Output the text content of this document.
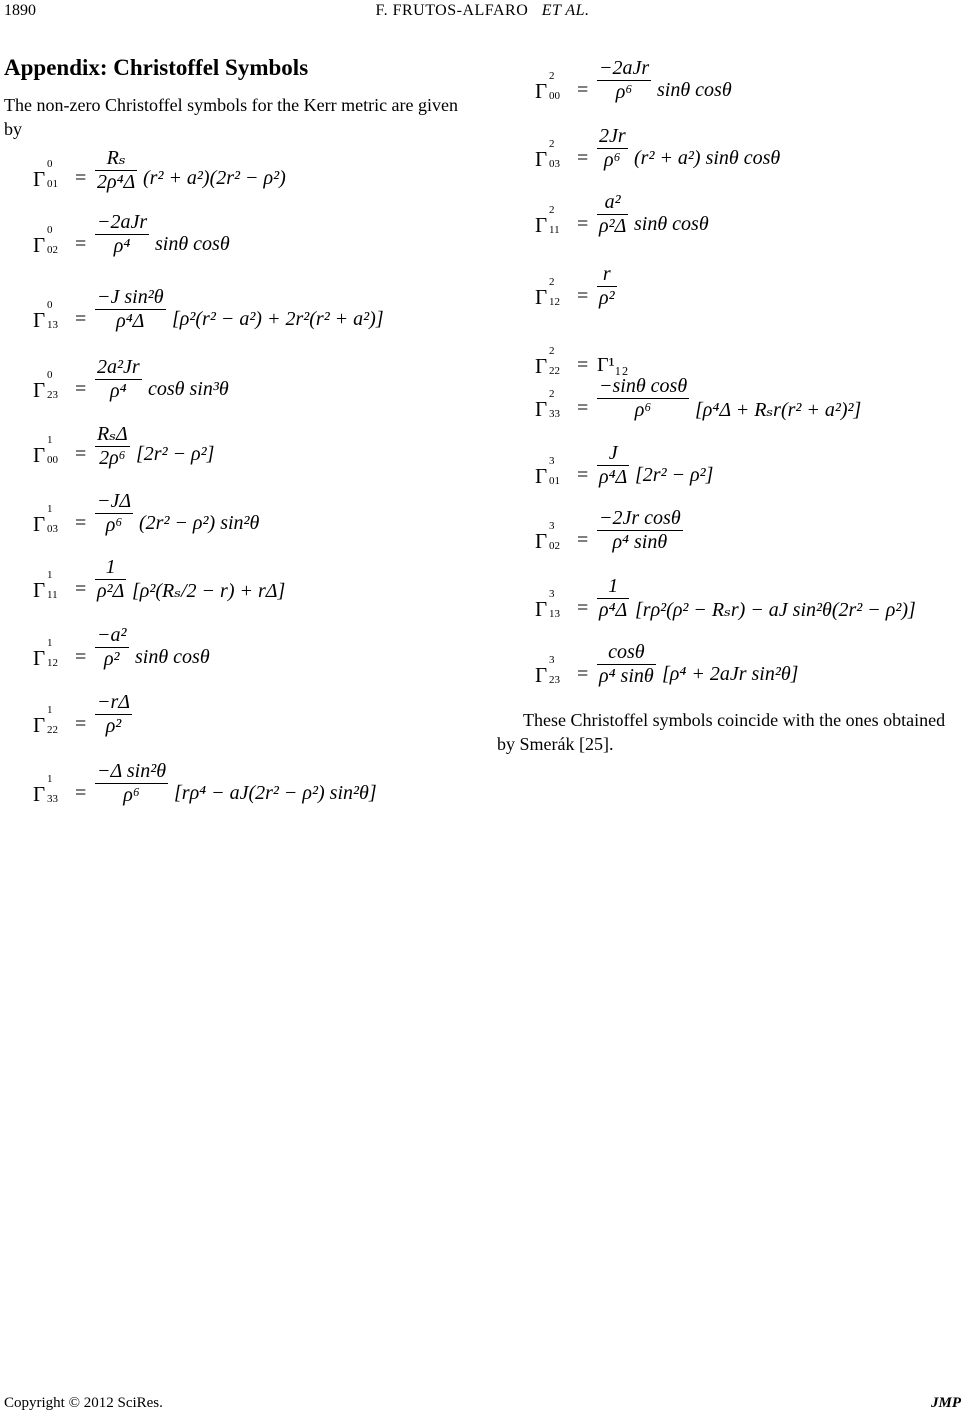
1890	F. FRUTOS-ALFARO ET AL.
Appendix: Christoffel Symbols

The non-zero Christoffel symbols for the Kerr metric are given by

Γ
0
01 =
Rₛ
2ρ⁴Δ (r² + a²)(2r² − ρ²)
Γ
0
02 =
−2aJr
ρ⁴	sinθ cosθ
Γ
0
13 =
−J sin²θ
ρ⁴Δ	[ρ²(r² − a²) + 2r²(r² + a²)]
Γ
0
23 =
2a²Jr
ρ⁴	cosθ sin³θ
Γ
1
00 =
RₛΔ
2ρ⁶ [2r² − ρ²]
Γ
1
03 =
−JΔ
ρ⁶ (2r² − ρ²) sin²θ
Γ
1
11 =
1
ρ²Δ [ρ²(Rₛ/2 − r) + rΔ]
Γ
1
12 =
−a²
ρ² sinθ cosθ
Γ
1
22 =
−rΔ
ρ²
Γ
1
33 =
−Δ sin²θ
ρ⁶	[rρ⁴ − aJ(2r² − ρ²) sin²θ]
Γ
2
00 =
−2aJr
ρ⁶	sinθ cosθ
Γ
2
03 =
2Jr
ρ⁶ (r² + a²) sinθ cosθ
Γ
2
11 =
a²
ρ²Δ sinθ cosθ
Γ
2
12 =
r
ρ²
Γ
2
22 = Γ¹₁₂
Γ
2
33 =
−sinθ cosθ
ρ⁶	[ρ⁴Δ + Rₛr(r² + a²)²]
Γ
3
01 =
J
ρ⁴Δ [2r² − ρ²]
Γ
3
02 =
−2Jr cosθ
ρ⁴ sinθ
Γ
3
13 =
1
ρ⁴Δ [rρ²(ρ² − Rₛr) − aJ sin²θ(2r² − ρ²)]
Γ
3
23 =
cosθ
ρ⁴ sinθ [ρ⁴ + 2aJr sin²θ]

These Christoffel symbols coincide with the ones obtained by Smerák [25].

Copyright © 2012 SciRes.	JMP
